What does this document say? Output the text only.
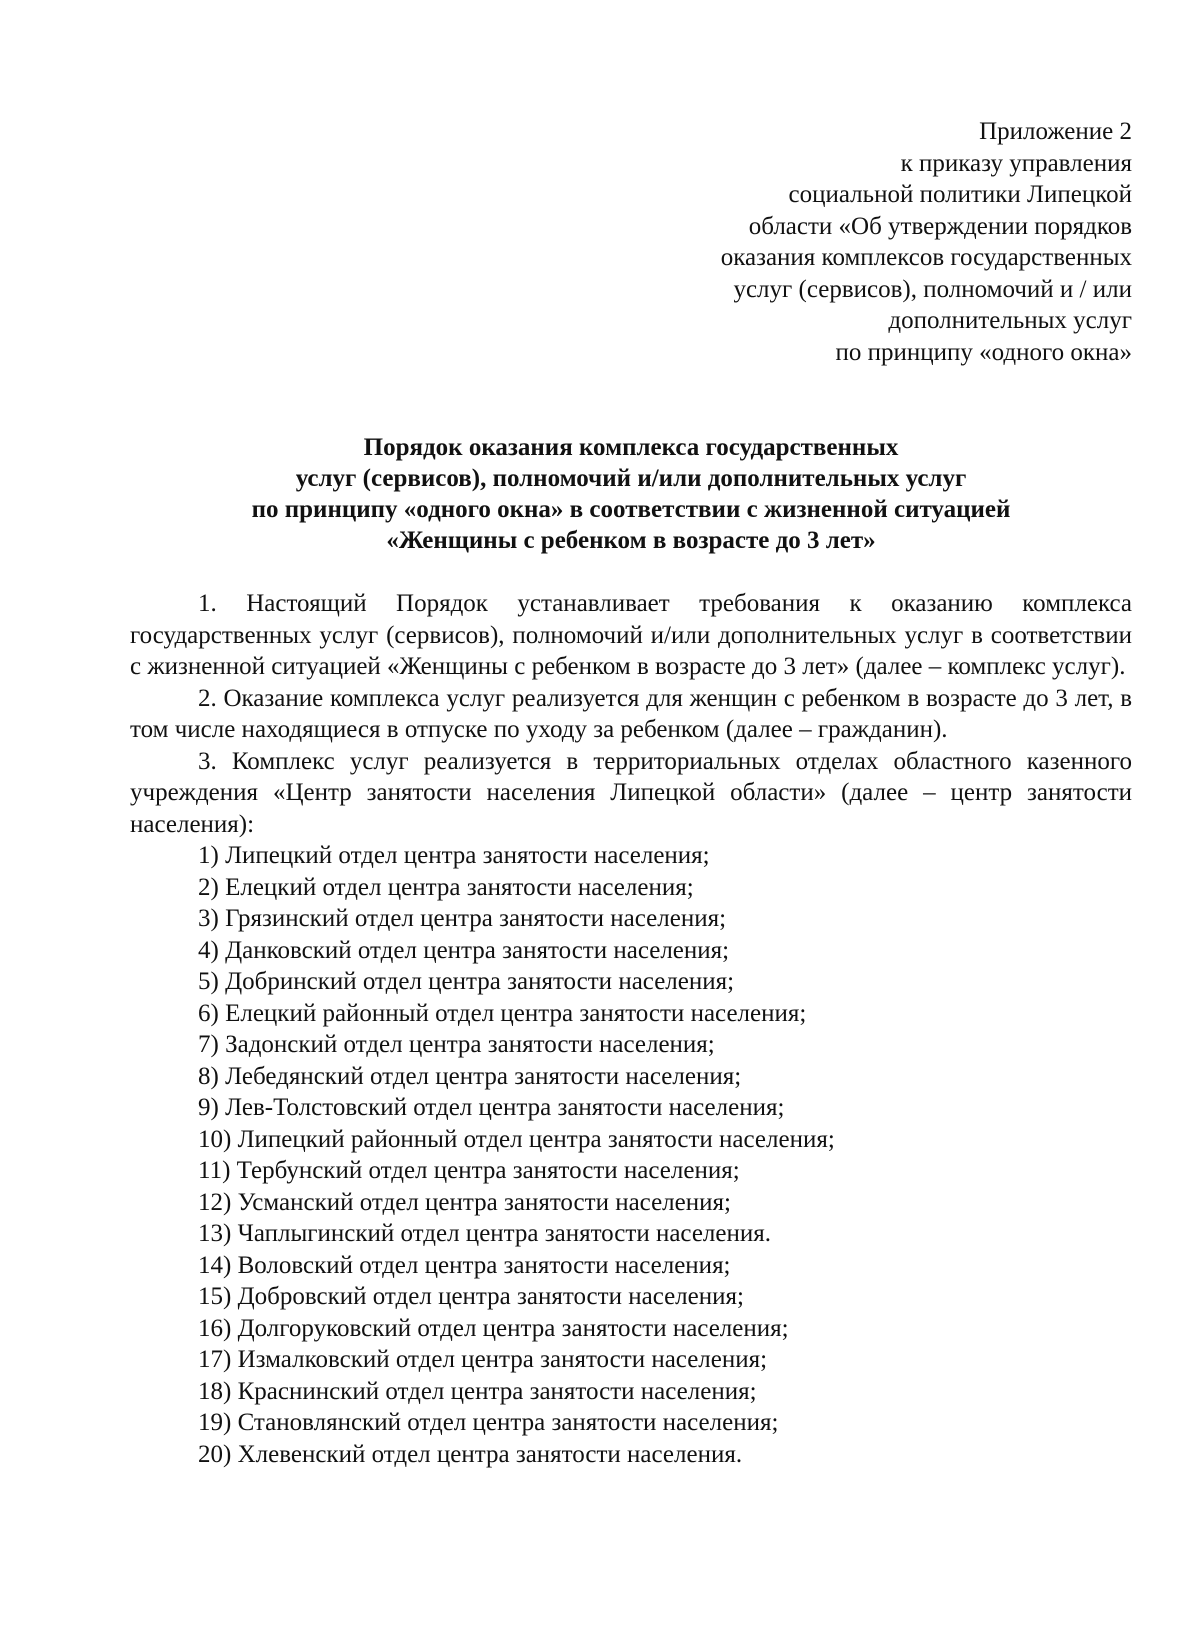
Приложение 2
к приказу управления
социальной политики Липецкой
области «Об утверждении порядков
оказания комплексов государственных
услуг (сервисов), полномочий и / или
дополнительных услуг
по принципу «одного окна»
Порядок оказания комплекса государственных
услуг (сервисов), полномочий и/или дополнительных услуг
по принципу «одного окна» в соответствии с жизненной ситуацией
«Женщины с ребенком в возрасте до 3 лет»

1. Настоящий Порядок устанавливает требования к оказанию комплекса государственных услуг (сервисов), полномочий и/или дополнительных услуг в соответствии с жизненной ситуацией «Женщины с ребенком в возрасте до 3 лет» (далее – комплекс услуг).

2. Оказание комплекса услуг реализуется для женщин с ребенком в возрасте до 3 лет, в том числе находящиеся в отпуске по уходу за ребенком (далее – гражданин).

3. Комплекс услуг реализуется в территориальных отделах областного казенного учреждения «Центр занятости населения Липецкой области» (далее – центр занятости населения):

1) Липецкий отдел центра занятости населения;
2) Елецкий отдел центра занятости населения;
3) Грязинский отдел центра занятости населения;
4) Данковский отдел центра занятости населения;
5) Добринский отдел центра занятости населения;
6) Елецкий районный отдел центра занятости населения;
7) Задонский отдел центра занятости населения;
8) Лебедянский отдел центра занятости населения;
9) Лев-Толстовский отдел центра занятости населения;
10) Липецкий районный отдел центра занятости населения;
11) Тербунский отдел центра занятости населения;
12) Усманский отдел центра занятости населения;
13) Чаплыгинский отдел центра занятости населения.
14) Воловский отдел центра занятости населения;
15) Добровский отдел центра занятости населения;
16) Долгоруковский отдел центра занятости населения;
17) Измалковский отдел центра занятости населения;
18) Краснинский отдел центра занятости населения;
19) Становлянский отдел центра занятости населения;
20) Хлевенский отдел центра занятости населения.
